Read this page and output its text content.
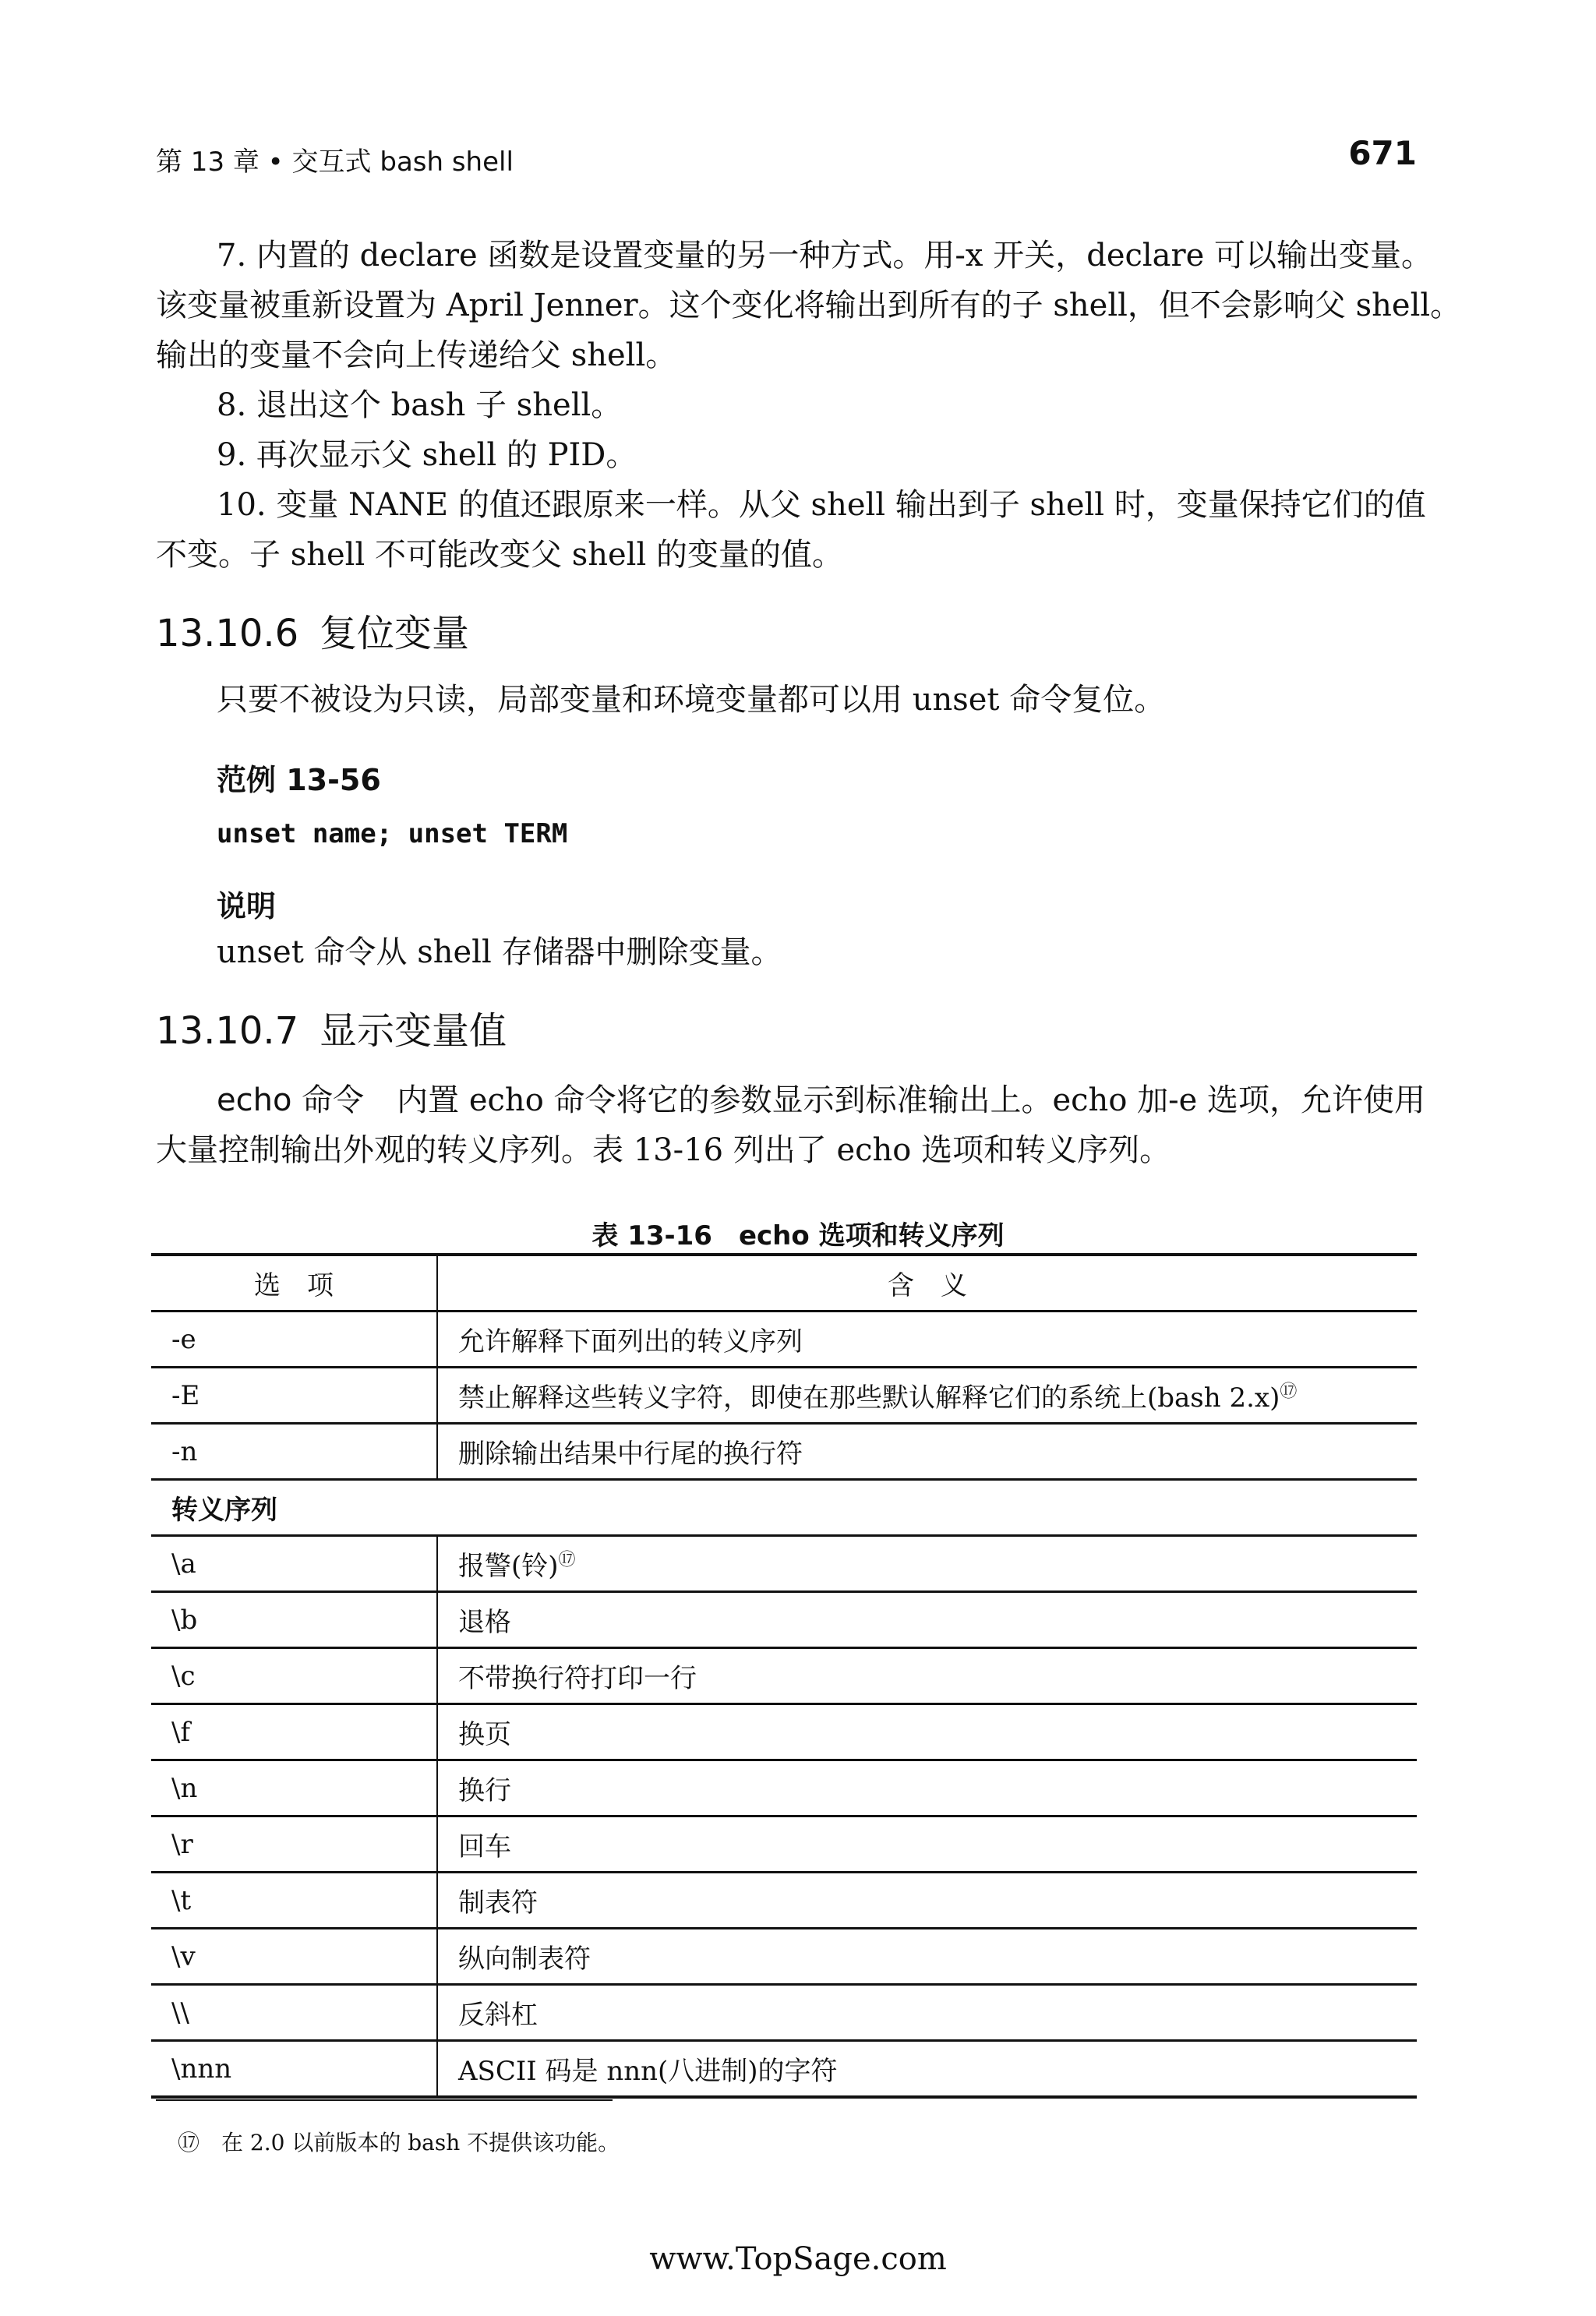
第 13 章 • 交互式 bash shell	671
7. 内置的 declare 函数是设置变量的另一种方式。用-x 开关，declare 可以输出变量。
该变量被重新设置为 April Jenner。这个变化将输出到所有的子 shell，但不会影响父 shell。
输出的变量不会向上传递给父 shell。
8. 退出这个 bash 子 shell。
9. 再次显示父 shell 的 PID。
10. 变量 NANE 的值还跟原来一样。从父 shell 输出到子 shell 时，变量保持它们的值
不变。子 shell 不可能改变父 shell 的变量的值。
13.10.6 复位变量
只要不被设为只读，局部变量和环境变量都可以用 unset 命令复位。
范例 13-56
unset name; unset TERM
说明
unset 命令从 shell 存储器中删除变量。
13.10.7 显示变量值
echo 命令 内置 echo 命令将它的参数显示到标准输出上。echo 加-e 选项，允许使用
大量控制输出外观的转义序列。表 13-16 列出了 echo 选项和转义序列。
表 13-16　echo 选项和转义序列
选　项	含　义
-e	允许解释下面列出的转义序列
-E	禁止解释这些转义字符，即使在那些默认解释它们的系统上(bash 2.x)⑰
-n	删除输出结果中行尾的换行符
转义序列	
\a	报警(铃)⑰
\b	退格
\c	不带换行符打印一行
\f	换页
\n	换行
\r	回车
\t	制表符
\v	纵向制表符
\\	反斜杠
\nnn	ASCII 码是 nnn(八进制)的字符
⑰　在 2.0 以前版本的 bash 不提供该功能。
www.TopSage.com
